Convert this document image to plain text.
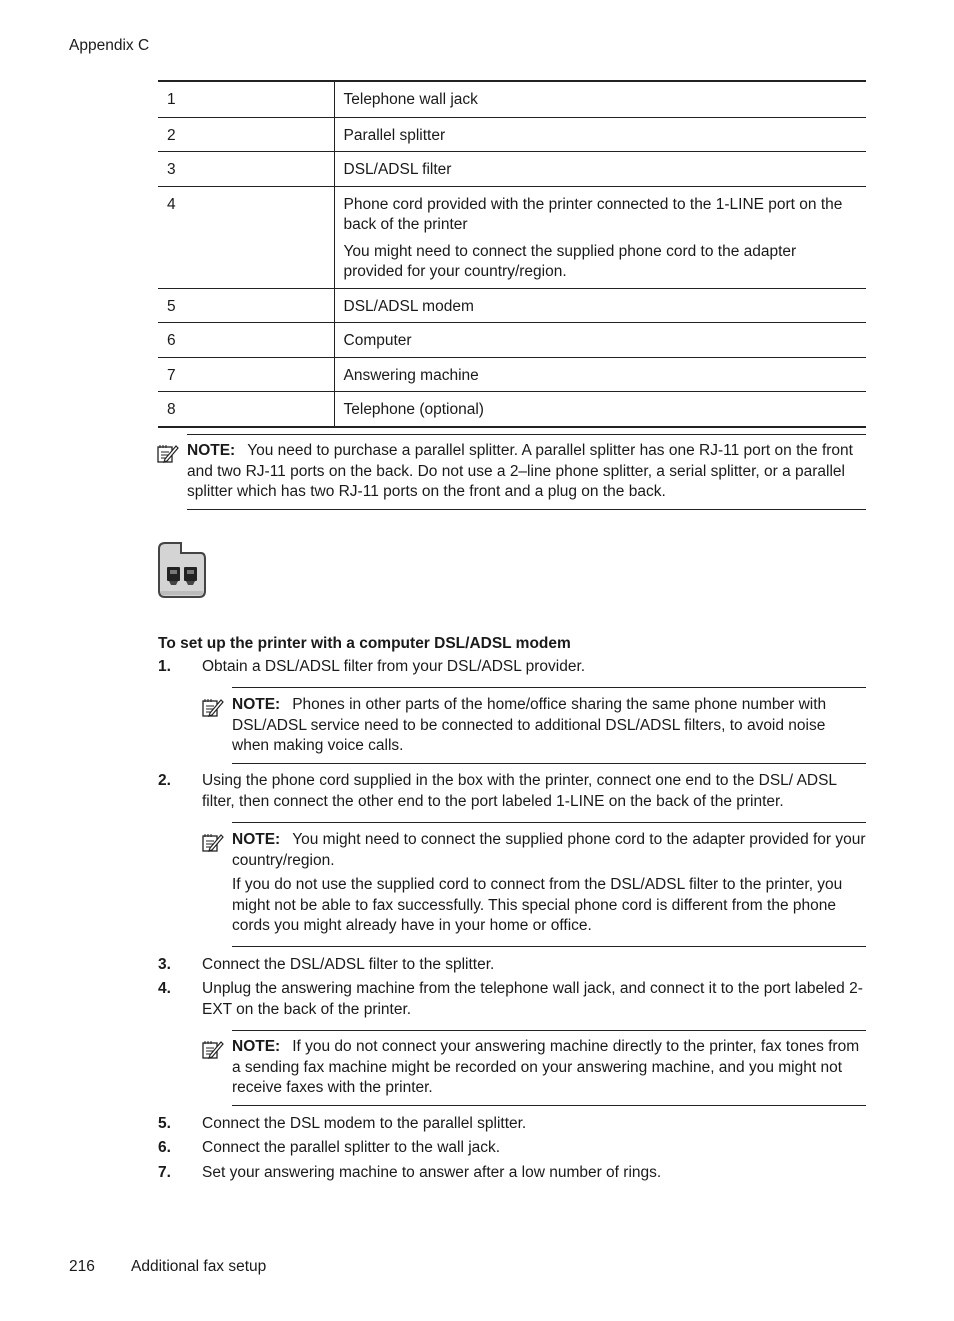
Appendix C
1	Telephone wall jack

2	Parallel splitter

3	DSL/ADSL filter

4	Phone cord provided with the printer connected to the 1-LINE port on the back of the printer

You might need to connect the supplied phone cord to the adapter provided for your country/region.

5	DSL/ADSL modem

6	Computer

7	Answering machine

8	Telephone (optional)

NOTE: You need to purchase a parallel splitter. A parallel splitter has one RJ-11 port on the front and two RJ-11 ports on the back. Do not use a 2–line phone splitter, a serial splitter, or a parallel splitter which has two RJ-11 ports on the front and a plug on the back.

To set up the printer with a computer DSL/ADSL modem
1. Obtain a DSL/ADSL filter from your DSL/ADSL provider.

NOTE: Phones in other parts of the home/office sharing the same phone number with DSL/ADSL service need to be connected to additional DSL/ADSL filters, to avoid noise when making voice calls.

2. Using the phone cord supplied in the box with the printer, connect one end to the DSL/ ADSL filter, then connect the other end to the port labeled 1-LINE on the back of the printer.

NOTE: You might need to connect the supplied phone cord to the adapter provided for your country/region.

If you do not use the supplied cord to connect from the DSL/ADSL filter to the printer, you might not be able to fax successfully. This special phone cord is different from the phone cords you might already have in your home or office.

3. Connect the DSL/ADSL filter to the splitter.
4. Unplug the answering machine from the telephone wall jack, and connect it to the port labeled 2-EXT on the back of the printer.

NOTE: If you do not connect your answering machine directly to the printer, fax tones from a sending fax machine might be recorded on your answering machine, and you might not receive faxes with the printer.

5. Connect the DSL modem to the parallel splitter.
6. Connect the parallel splitter to the wall jack.
7. Set your answering machine to answer after a low number of rings.
216 Additional fax setup
